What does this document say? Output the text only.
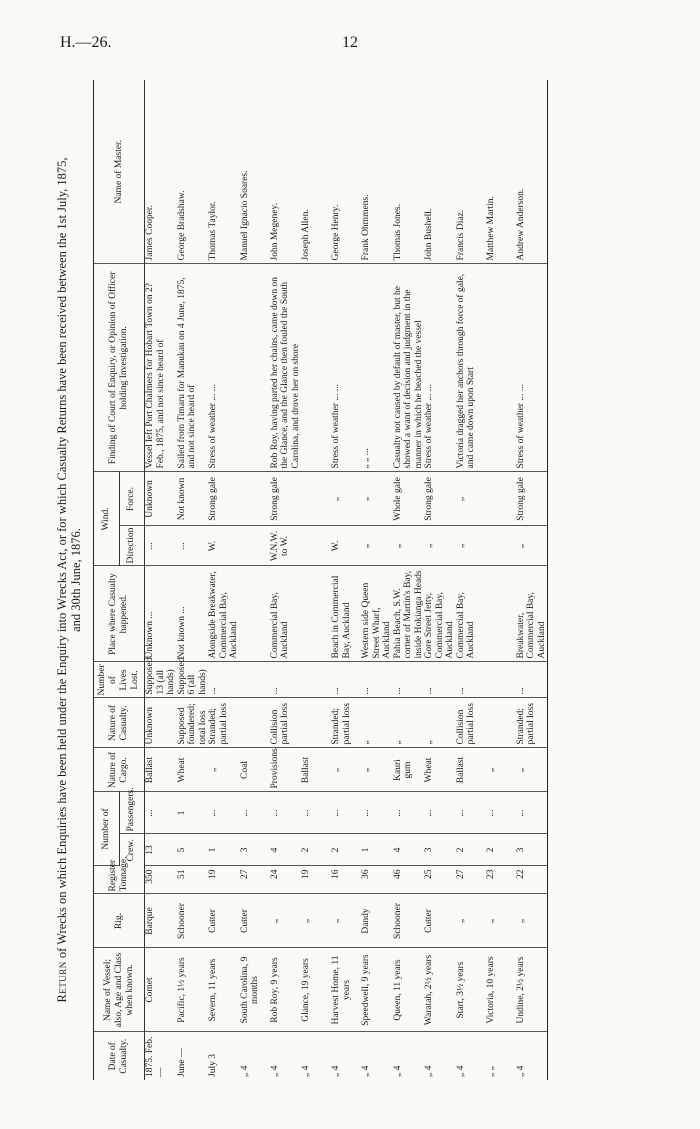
H.—26.	12
Return of Wrecks on which Enquiries have been held under the Enquiry into Wrecks Act, or for which Casualty Returns have been received between the 1st July, 1875, and 30th June, 1876.
Date of Casualty.	Name of Vessel; also, Age and Class when known.	Rig.	Register Tonnage.	Number of		Nature of Cargo.	Nature of Casualty.	Number of Lives Lost.	Place where Casualty happened.	Wind.		Finding of Court of Enquiry, or Opinion of Officer holding Investigation.	Name of Master.
				Crew.	Passengers.					Direction	Force.		
1875. Feb. —	Comet	Barque	350	13	...	Ballast	Unknown	Supposed 13 (all hands)	Unknown ...	...	Unknown	Vessel left Port Chalmers for Hobart Town on 2? Feb., 1875, and not since heard of	James Cooper.
June —	Pacific, 1½ years	Schooner	51	5	1	Wheat	Supposed foundered; total loss	Supposed 6 (all hands)	Not known ...	...	Not known	Sailed from Timaru for Manukau on 4 June, 1875, and not since heard of	George Bradshaw.
July 3	Severn, 11 years	Cutter	19	1	...	„	Stranded; partial loss	...	Alongside Breakwater, Commercial Bay, Auckland	W.	Strong gale	Stress of weather ... ...	Thomas Taylor.
„ 4	South Carolina, 9 months	Cutter	27	3	...	Coal							Manuel Ignacio Soares.
„ 4	Rob Roy, 9 years	„	24	4	...	Provisions	Collision partial loss	...	Commercial Bay, Auckland	W.N.W. to W.	Strong gale	Rob Roy, having parted her chains, came down on the Glance, and the Glance then fouled the South Carolina, and drove her on shore	John Megeney.
„ 4	Glance, 19 years	„	19	2	...	Ballast							Joseph Allen.
„ 4	Harvest Home, 11 years	„	16	2	...	„	Stranded; partial loss	...	Beach in Commercial Bay, Auckland	W.	„	Stress of weather ... ...	George Henry.
„ 4	Speedwell, 9 years	Dandy	36	1	...	„	„	...	Western side Queen Street Wharf, Auckland	„	„	„ „ ...	Frank Ohmmens.
„ 4	Queen, 11 years	Schooner	46	4	...	Kauri gum	„	...	Pahia Beach, S.W. corner of Martin's Bay, inside Hokianga Heads	„	Whole gale	Casualty not caused by default of master, but he showed a want of decision and judgment in the manner in which he beached the vessel	Thomas Jones.
„ 4	Waratah, 2½ years	Cutter	25	3	...	Wheat	„	...	Gore Street Jetty, Commercial Bay, Auckland	„	Strong gale	Stress of weather ... ...	John Bushell.
„ 4	Start, 3½ years	„	27	2	...	Ballast	Collision partial loss	...	Commercial Bay, Auckland	„	„	Victoria dragged her anchors through force of gale, and came down upon Start	Francis Diaz.
„ „	Victoria, 10 years	„	23	2	...	„							Matthew Martin.
„ 4	Undine, 2½ years	„	22	3	...	„	Stranded; partial loss	...	Breakwater, Commercial Bay, Auckland	„	Strong gale	Stress of weather ... ...	Andrew Anderson.
